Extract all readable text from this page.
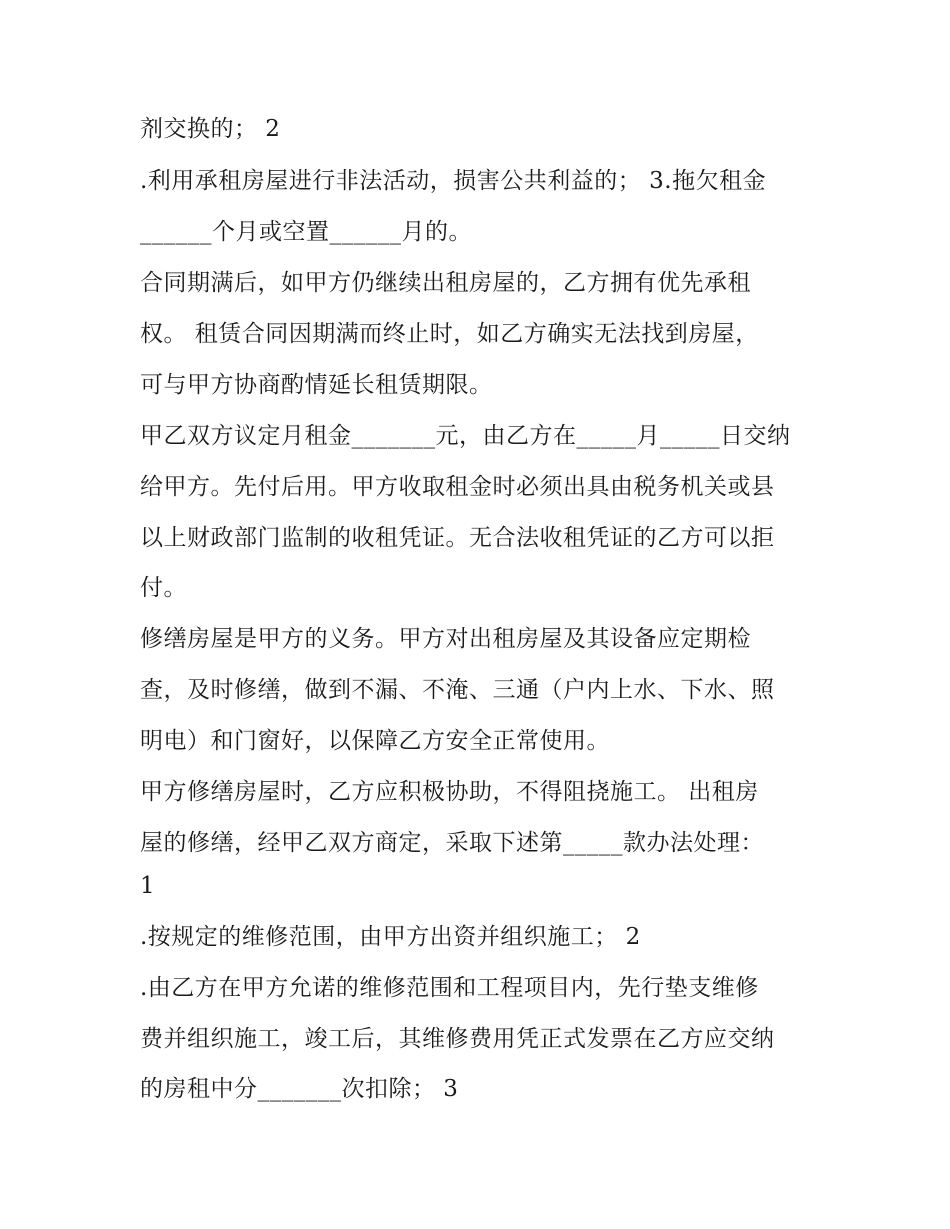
剂交换的； 2
.利用承租房屋进行非法活动，损害公共利益的； 3.拖欠租金
______个月或空置______月的。
合同期满后，如甲方仍继续出租房屋的，乙方拥有优先承租
权。 租赁合同因期满而终止时，如乙方确实无法找到房屋，
可与甲方协商酌情延长租赁期限。
甲乙双方议定月租金_______元，由乙方在_____月_____日交纳
给甲方。先付后用。甲方收取租金时必须出具由税务机关或县
以上财政部门监制的收租凭证。无合法收租凭证的乙方可以拒
付。
修缮房屋是甲方的义务。甲方对出租房屋及其设备应定期检
查，及时修缮，做到不漏、不淹、三通（户内上水、下水、照
明电）和门窗好，以保障乙方安全正常使用。
甲方修缮房屋时，乙方应积极协助，不得阻挠施工。 出租房
屋的修缮，经甲乙双方商定，采取下述第_____款办法处理：
1
.按规定的维修范围，由甲方出资并组织施工； 2
.由乙方在甲方允诺的维修范围和工程项目内，先行垫支维修
费并组织施工，竣工后，其维修费用凭正式发票在乙方应交纳
的房租中分_______次扣除； 3
